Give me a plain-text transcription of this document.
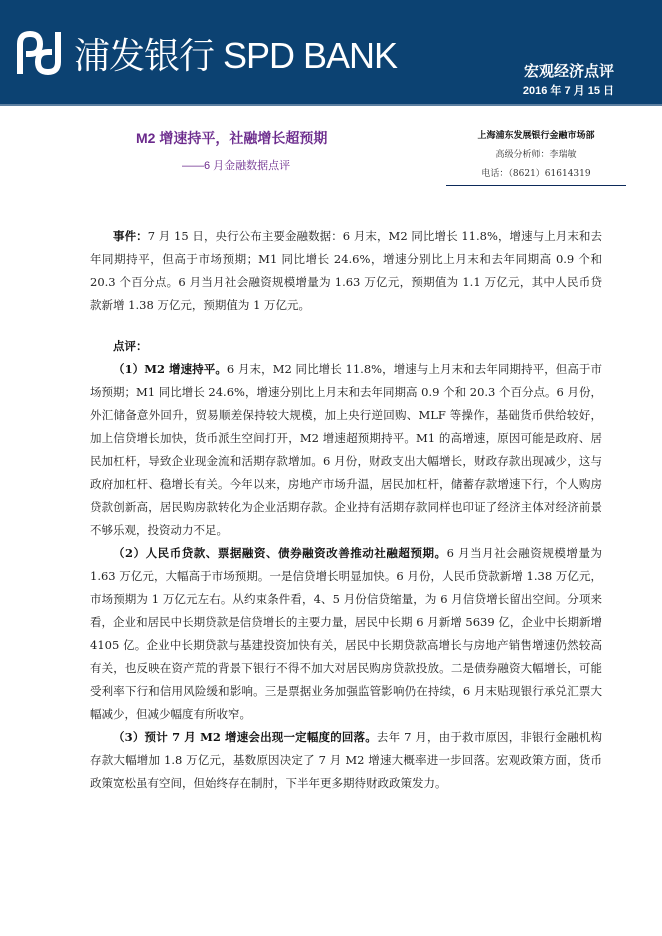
浦发银行 SPD BANK	宏观经济点评
2016 年 7 月 15 日
M2 增速持平，社融增长超预期
——6 月金融数据点评
上海浦东发展银行金融市场部
高级分析师：李瑞敏
电话：（8621）61614319

事件：7 月 15 日，央行公布主要金融数据：6 月末，M2 同比增长 11.8%，增速与上月末和去年同期持平，但高于市场预期；M1 同比增长 24.6%，增速分别比上月末和去年同期高 0.9 个和 20.3 个百分点。6 月当月社会融资规模增量为 1.63 万亿元，预期值为 1.1 万亿元，其中人民币贷款新增 1.38 万亿元，预期值为 1 万亿元。

点评：

（1）M2 增速持平。6 月末，M2 同比增长 11.8%，增速与上月末和去年同期持平，但高于市场预期；M1 同比增长 24.6%，增速分别比上月末和去年同期高 0.9 个和 20.3 个百分点。6 月份，外汇储备意外回升，贸易顺差保持较大规模，加上央行逆回购、MLF 等操作，基础货币供给较好，加上信贷增长加快，货币派生空间打开，M2 增速超预期持平。M1 的高增速，原因可能是政府、居民加杠杆，导致企业现金流和活期存款增加。6 月份，财政支出大幅增长，财政存款出现减少，这与政府加杠杆、稳增长有关。今年以来，房地产市场升温，居民加杠杆，储蓄存款增速下行，个人购房贷款创新高，居民购房款转化为企业活期存款。企业持有活期存款同样也印证了经济主体对经济前景不够乐观，投资动力不足。

（2）人民币贷款、票据融资、债券融资改善推动社融超预期。6 月当月社会融资规模增量为 1.63 万亿元，大幅高于市场预期。一是信贷增长明显加快。6 月份，人民币贷款新增 1.38 万亿元，市场预期为 1 万亿元左右。从约束条件看，4、5 月份信贷缩量，为 6 月信贷增长留出空间。分项来看，企业和居民中长期贷款是信贷增长的主要力量，居民中长期 6 月新增 5639 亿，企业中长期新增 4105 亿。企业中长期贷款与基建投资加快有关，居民中长期贷款高增长与房地产销售增速仍然较高有关，也反映在资产荒的背景下银行不得不加大对居民购房贷款投放。二是债券融资大幅增长，可能受利率下行和信用风险缓和影响。三是票据业务加强监管影响仍在持续，6 月末贴现银行承兑汇票大幅减少，但减少幅度有所收窄。

（3）预计 7 月 M2 增速会出现一定幅度的回落。去年 7 月，由于救市原因，非银行金融机构存款大幅增加 1.8 万亿元，基数原因决定了 7 月 M2 增速大概率进一步回落。宏观政策方面，货币政策宽松虽有空间，但始终存在制肘，下半年更多期待财政政策发力。
